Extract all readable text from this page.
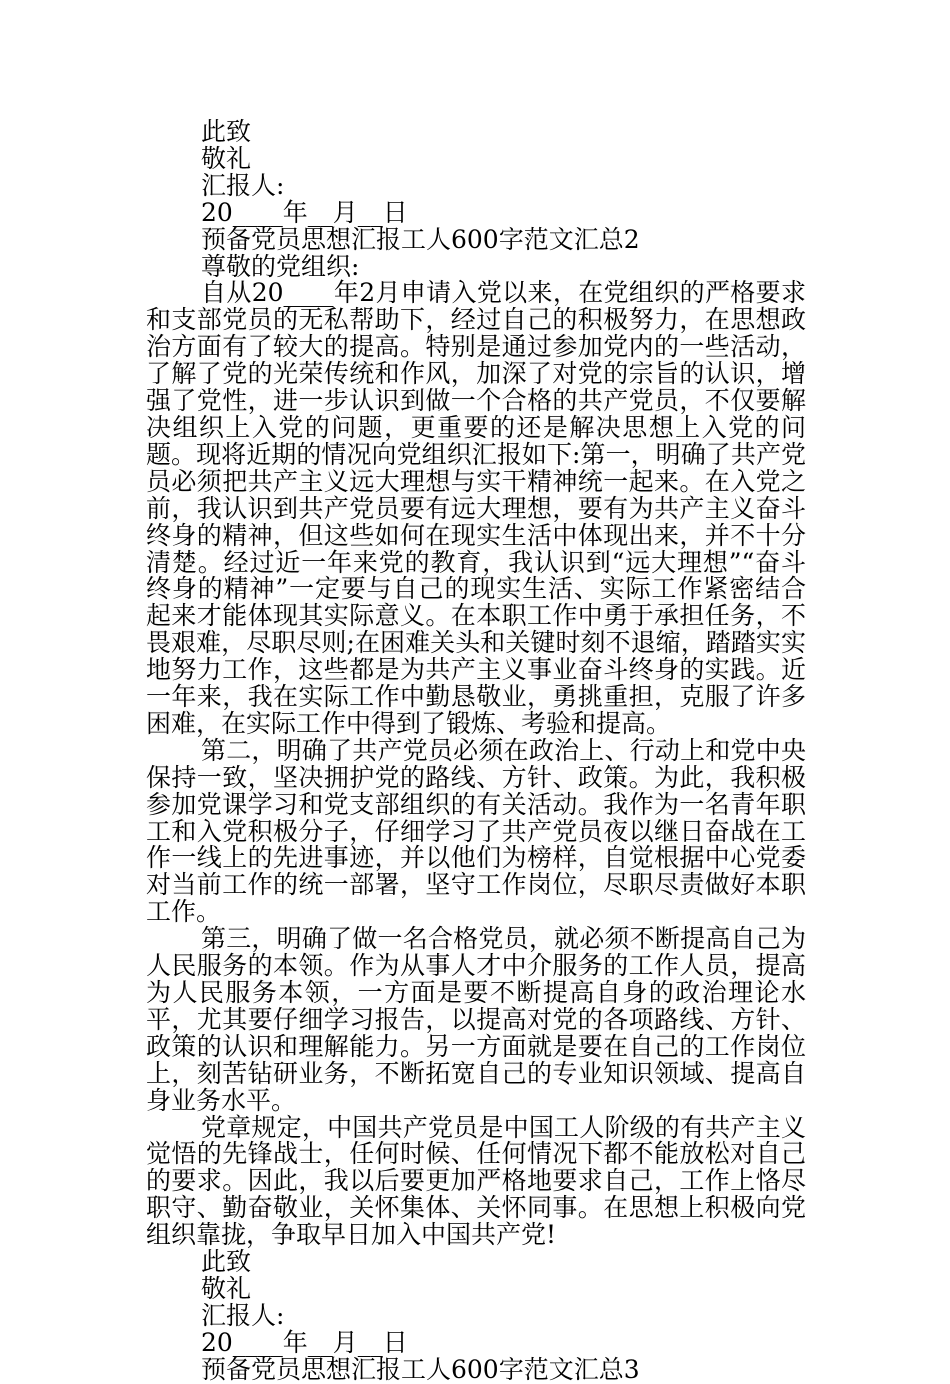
此致
敬礼
汇报人:
20____年__月__日
预备党员思想汇报工人600字范文汇总2
尊敬的党组织:

自从20____年2月申请入党以来，在党组织的严格要求和支部党员的无私帮助下，经过自己的积极努力，在思想政治方面有了较大的提高。特别是通过参加党内的一些活动，了解了党的光荣传统和作风，加深了对党的宗旨的认识，增强了党性，进一步认识到做一个合格的共产党员，不仅要解决组织上入党的问题，更重要的还是解决思想上入党的问题。现将近期的情况向党组织汇报如下:第一，明确了共产党员必须把共产主义远大理想与实干精神统一起来。在入党之前，我认识到共产党员要有远大理想，要有为共产主义奋斗终身的精神，但这些如何在现实生活中体现出来，并不十分清楚。经过近一年来党的教育，我认识到“远大理想”“奋斗终身的精神”一定要与自己的现实生活、实际工作紧密结合起来才能体现其实际意义。在本职工作中勇于承担任务，不畏艰难，尽职尽则;在困难关头和关键时刻不退缩，踏踏实实地努力工作，这些都是为共产主义事业奋斗终身的实践。近一年来，我在实际工作中勤恳敬业，勇挑重担，克服了许多困难，在实际工作中得到了锻炼、考验和提高。

第二，明确了共产党员必须在政治上、行动上和党中央保持一致，坚决拥护党的路线、方针、政策。为此，我积极参加党课学习和党支部组织的有关活动。我作为一名青年职工和入党积极分子，仔细学习了共产党员夜以继日奋战在工作一线上的先进事迹，并以他们为榜样，自觉根据中心党委对当前工作的统一部署，坚守工作岗位，尽职尽责做好本职工作。

第三，明确了做一名合格党员，就必须不断提高自己为人民服务的本领。作为从事人才中介服务的工作人员，提高为人民服务本领，一方面是要不断提高自身的政治理论水平，尤其要仔细学习报告，以提高对党的各项路线、方针、政策的认识和理解能力。另一方面就是要在自己的工作岗位上，刻苦钻研业务，不断拓宽自己的专业知识领域、提高自身业务水平。

党章规定，中国共产党员是中国工人阶级的有共产主义觉悟的先锋战士，任何时候、任何情况下都不能放松对自己的要求。因此，我以后要更加严格地要求自己，工作上恪尽职守、勤奋敬业，关怀集体、关怀同事。在思想上积极向党组织靠拢，争取早日加入中国共产党!

此致
敬礼
汇报人:
20____年__月__日
预备党员思想汇报工人600字范文汇总3
